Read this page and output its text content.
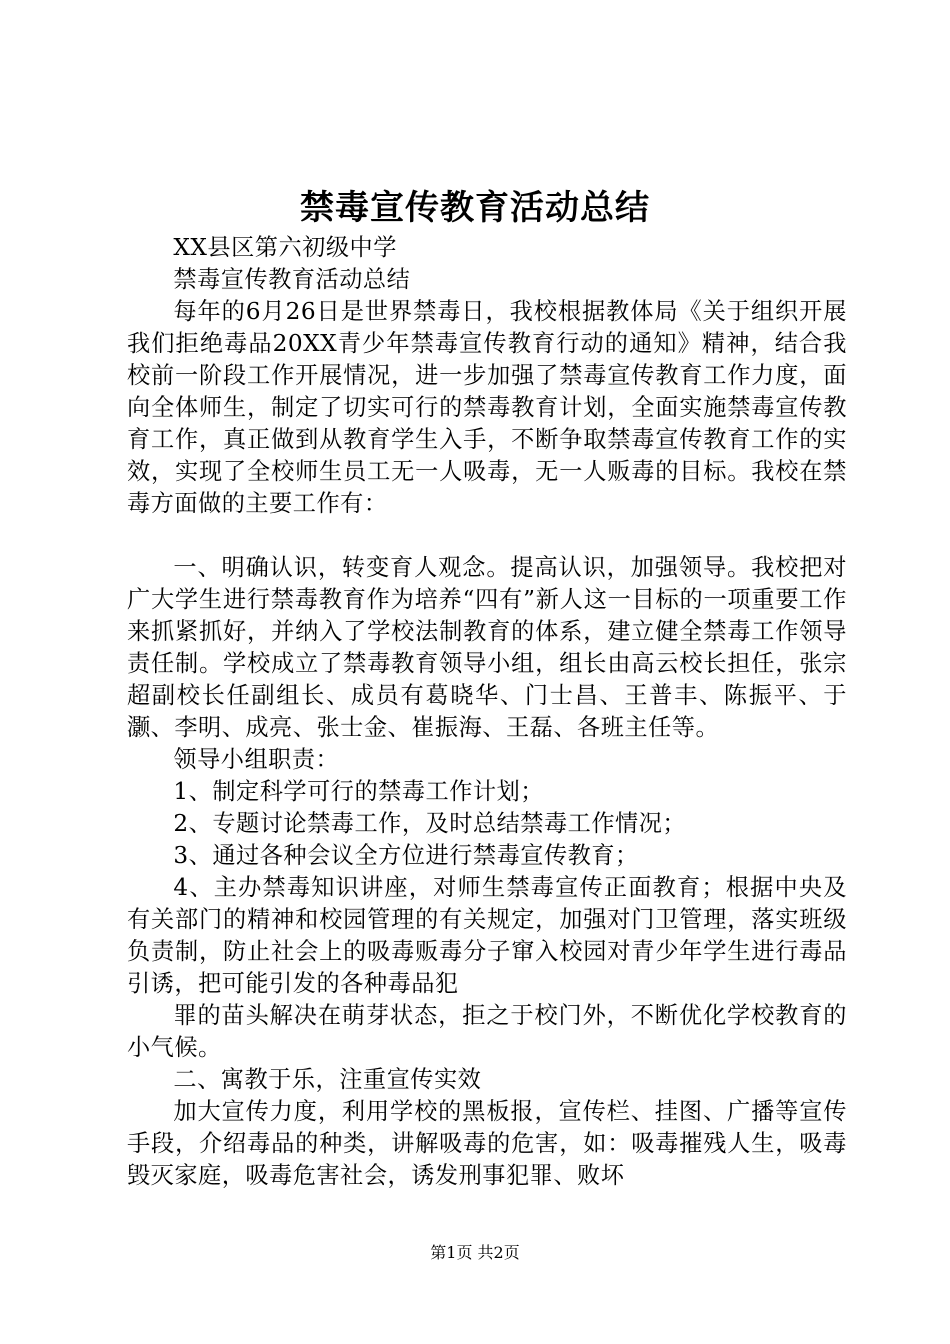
禁毒宣传教育活动总结

XX县区第六初级中学

禁毒宣传教育活动总结

每年的6月26日是世界禁毒日，我校根据教体局《关于组织开展我们拒绝毒品20XX青少年禁毒宣传教育行动的通知》精神，结合我校前一阶段工作开展情况，进一步加强了禁毒宣传教育工作力度，面向全体师生，制定了切实可行的禁毒教育计划，全面实施禁毒宣传教育工作，真正做到从教育学生入手，不断争取禁毒宣传教育工作的实效，实现了全校师生员工无一人吸毒，无一人贩毒的目标。我校在禁毒方面做的主要工作有：

一、明确认识，转变育人观念。提高认识，加强领导。我校把对广大学生进行禁毒教育作为培养“四有”新人这一目标的一项重要工作来抓紧抓好，并纳入了学校法制教育的体系，建立健全禁毒工作领导责任制。学校成立了禁毒教育领导小组，组长由高云校长担任，张宗超副校长任副组长、成员有葛晓华、门士昌、王普丰、陈振平、于灏、李明、成亮、张士金、崔振海、王磊、各班主任等。

领导小组职责：

1、制定科学可行的禁毒工作计划；

2、专题讨论禁毒工作，及时总结禁毒工作情况；

3、通过各种会议全方位进行禁毒宣传教育；

4、主办禁毒知识讲座，对师生禁毒宣传正面教育；根据中央及有关部门的精神和校园管理的有关规定，加强对门卫管理，落实班级负责制，防止社会上的吸毒贩毒分子窜入校园对青少年学生进行毒品引诱，把可能引发的各种毒品犯

罪的苗头解决在萌芽状态，拒之于校门外，不断优化学校教育的小气候。

二、寓教于乐，注重宣传实效

加大宣传力度，利用学校的黑板报，宣传栏、挂图、广播等宣传手段，介绍毒品的种类，讲解吸毒的危害，如：吸毒摧残人生，吸毒毁灭家庭，吸毒危害社会，诱发刑事犯罪、败坏

第1页 共2页
